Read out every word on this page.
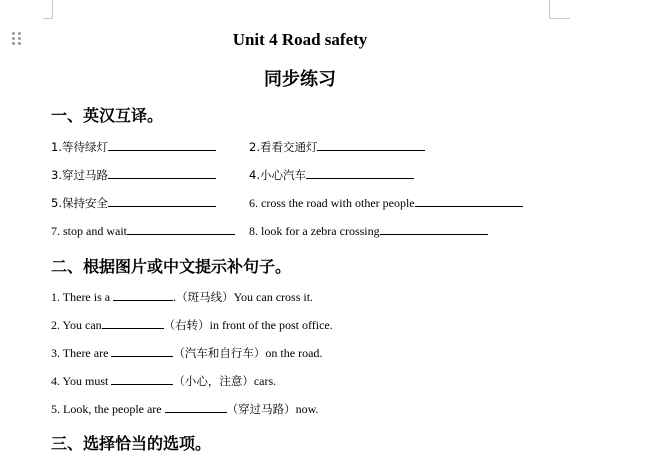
Unit 4 Road safety
同步练习
一、英汉互译。
1.等待绿灯	2.看看交通灯
3.穿过马路	4.小心汽车
5.保持安全	6. cross the road with other people
7. stop and wait	8. look for a zebra crossing
二、根据图片或中文提示补句子。
1. There is a	.（斑马线）You can cross it.
2. You can	（右转）in front of the post office.
3. There are	（汽车和自行车）on the road.
4. You must	（小心，注意）cars.
5. Look, the people are	（穿过马路）now.
三、选择恰当的选项。
